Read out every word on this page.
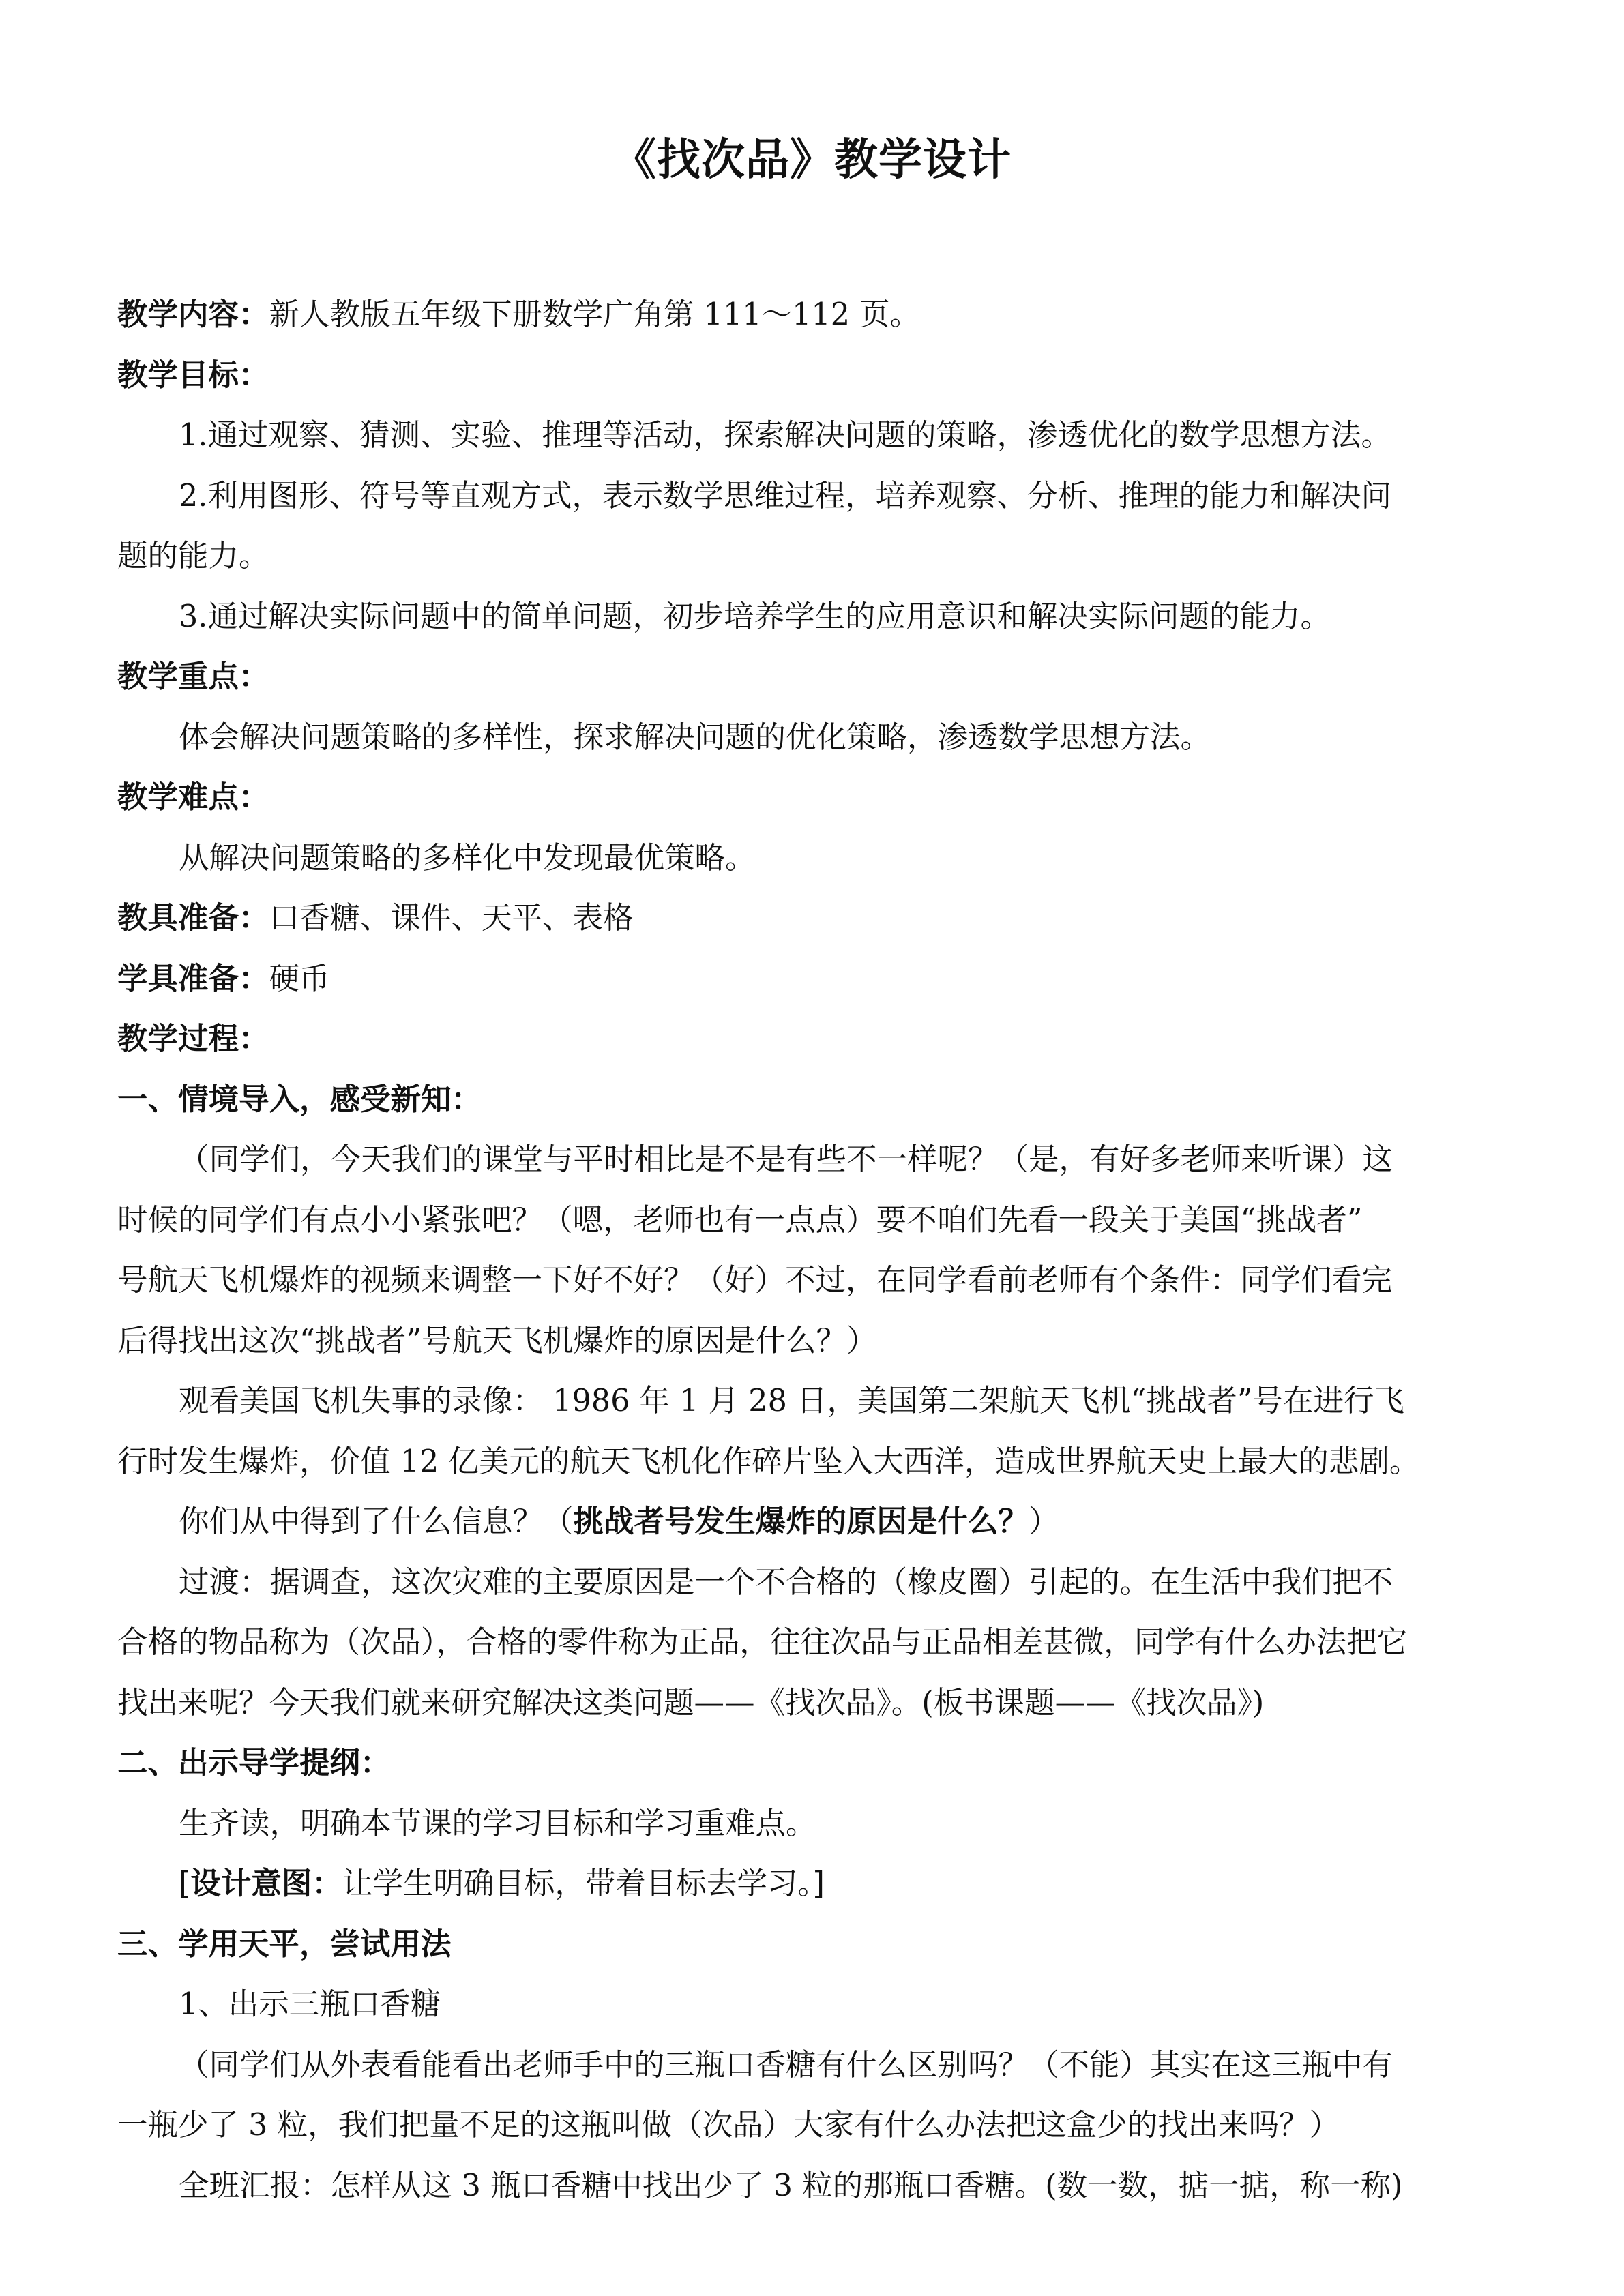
《找次品》教学设计
教学内容：新人教版五年级下册数学广角第 111～112 页。
教学目标：
1.通过观察、猜测、实验、推理等活动，探索解决问题的策略，渗透优化的数学思想方法。
2.利用图形、符号等直观方式，表示数学思维过程，培养观察、分析、推理的能力和解决问
题的能力。
3.通过解决实际问题中的简单问题，初步培养学生的应用意识和解决实际问题的能力。
教学重点：
体会解决问题策略的多样性，探求解决问题的优化策略，渗透数学思想方法。
教学难点：
从解决问题策略的多样化中发现最优策略。
教具准备：口香糖、课件、天平、表格
学具准备：硬币
教学过程：
一、情境导入，感受新知：
（同学们，今天我们的课堂与平时相比是不是有些不一样呢？（是，有好多老师来听课）这
时候的同学们有点小小紧张吧？（嗯，老师也有一点点）要不咱们先看一段关于美国“挑战者”
号航天飞机爆炸的视频来调整一下好不好？（好）不过，在同学看前老师有个条件：同学们看完
后得找出这次“挑战者”号航天飞机爆炸的原因是什么？）
观看美国飞机失事的录像： 1986 年 1 月 28 日，美国第二架航天飞机“挑战者”号在进行飞
行时发生爆炸，价值 12 亿美元的航天飞机化作碎片坠入大西洋，造成世界航天史上最大的悲剧。
你们从中得到了什么信息？（挑战者号发生爆炸的原因是什么？）
过渡：据调查，这次灾难的主要原因是一个不合格的（橡皮圈）引起的。在生活中我们把不
合格的物品称为（次品），合格的零件称为正品，往往次品与正品相差甚微，同学有什么办法把它
找出来呢？今天我们就来研究解决这类问题——《找次品》。(板书课题——《找次品》)
二、出示导学提纲：
生齐读，明确本节课的学习目标和学习重难点。
[设计意图：让学生明确目标，带着目标去学习。]
三、学用天平，尝试用法
1、出示三瓶口香糖
（同学们从外表看能看出老师手中的三瓶口香糖有什么区别吗？（不能）其实在这三瓶中有
一瓶少了 3 粒，我们把量不足的这瓶叫做（次品）大家有什么办法把这盒少的找出来吗？）
全班汇报：怎样从这 3 瓶口香糖中找出少了 3 粒的那瓶口香糖。(数一数，掂一掂，称一称)
